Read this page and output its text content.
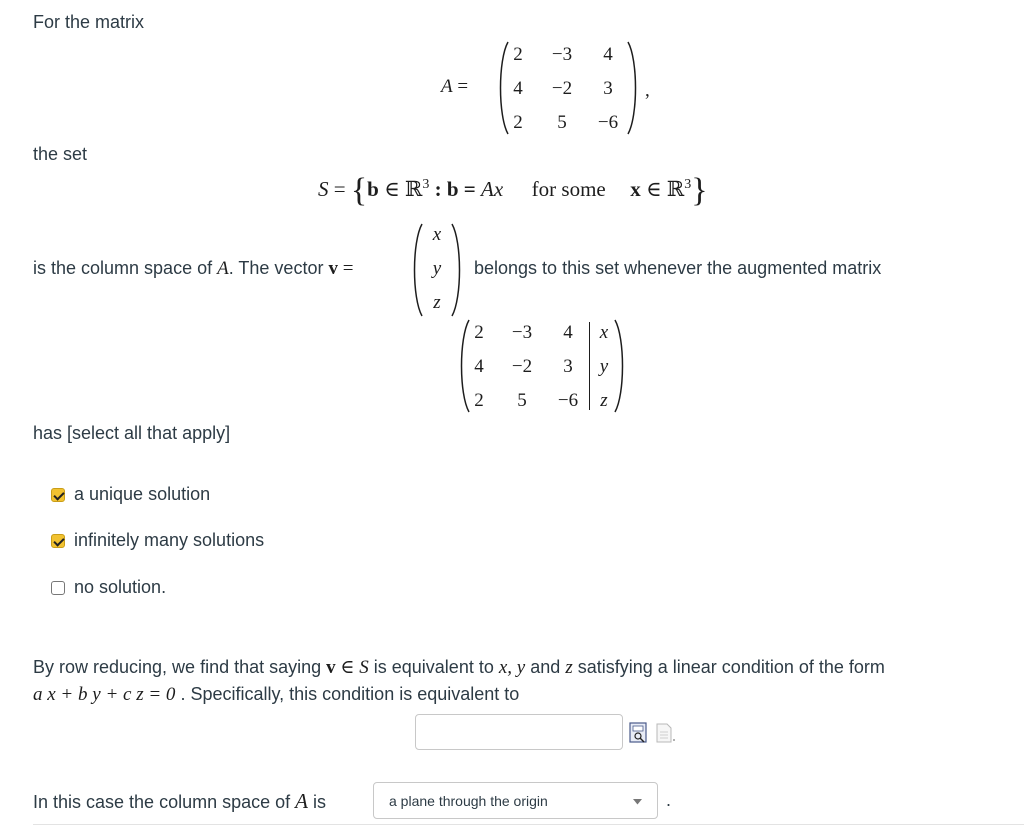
For the matrix
A =
2	−3	4
4	−2	3
2	5	−6
,
the set
S = {b ∈ ℝ$^3$ : b = Ax for some x ∈ ℝ$^3$}
is the column space of A. The vector v =
x
y
z
belongs to this set whenever the augmented matrix
2	−3	4	x
4	−2	3	y
2	5	−6	z
has [select all that apply]
a unique solution
infinitely many solutions
no solution.
By row reducing, we find that saying v ∈ S is equivalent to x, y and z satisfying a linear condition of the form
a x + b y + c z = 0 . Specifically, this condition is equivalent to
In this case the column space of A is	a plane through the origin	.
